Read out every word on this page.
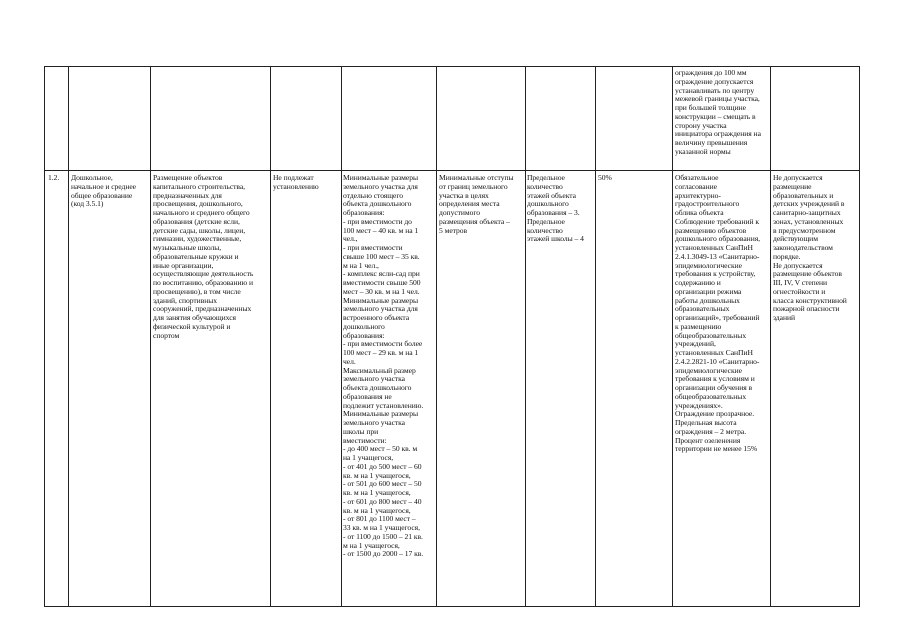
ограждения до 100 мм
ограждение допускается
устанавливать по центру
межевой границы участка,
при большей толщине
конструкции – смещать в
сторону участка
инициатора ограждения на
величину превышения
указанной нормы
1.2.	Дошкольное,
начальное и среднее
общее образование
(код 3.5.1)
Размещение объектов
капитального строительства,
предназначенных для
просвещения, дошкольного,
начального и среднего общего
образования (детские ясли,
детские сады, школы, лицеи,
гимназии, художественные,
музыкальные школы,
образовательные кружки и
иные организации,
осуществляющие деятельность
по воспитанию, образованию и
просвещению), в том числе
зданий, спортивных
сооружений, предназначенных
для занятия обучающихся
физической культурой и
спортом
Не подлежат
установлению
Минимальные размеры
земельного участка для
отдельно стоящего
объекта дошкольного
образования:
- при вместимости до
100 мест – 40 кв. м на 1
чел.,
- при вместимости
свыше 100 мест – 35 кв.
м на 1 чел.,
- комплекс ясли-сад при
вместимости свыше 500
мест – 30 кв. м на 1 чел.
Минимальные размеры
земельного участка для
встроенного объекта
дошкольного
образования:
- при вместимости более
100 мест – 29 кв. м на 1
чел.
Максимальный размер
земельного участка
объекта дошкольного
образования не
подлежит установлению.
Минимальные размеры
земельного участка
школы при
вместимости:
- до 400 мест – 50 кв. м
на 1 учащегося,
- от 401 до 500 мест – 60
кв. м на 1 учащегося,
- от 501 до 600 мест – 50
кв. м на 1 учащегося,
- от 601 до 800 мест – 40
кв. м на 1 учащегося,
- от 801 до 1100 мест –
33 кв. м на 1 учащегося,
- от 1100 до 1500 – 21 кв.
м на 1 учащегося,
- от 1500 до 2000 – 17 кв.
Минимальные отступы
от границ земельного
участка в целях
определения места
допустимого
размещения объекта –
5 метров
Предельное
количество
этажей объекта
дошкольного
образования – 3.
Предельное
количество
этажей школы – 4
50%	Обязательное
согласование
архитектурно-
градостроительного
облика объекта
Соблюдение требований к
размещению объектов
дошкольного образования,
установленных СанПиН
2.4.1.3049-13 «Санитарно-
эпидемиологические
требования к устройству,
содержанию и
организации режима
работы дошкольных
образовательных
организаций», требований
к размещению
общеобразовательных
учреждений,
установленных СанПиН
2.4.2.2821-10 «Санитарно-
эпидемиологические
требования к условиям и
организации обучения в
общеобразовательных
учреждениях».
Ограждение прозрачное.
Предельная высота
ограждения – 2 метра.
Процент озеленения
территории не менее 15%
Не допускается
размещение
образовательных и
детских учреждений в
санитарно-защитных
зонах, установленных
в предусмотренном
действующим
законодательством
порядке.
Не допускается
размещение объектов
III, IV, V степени
огнестойкости и
класса конструктивной
пожарной опасности
зданий
